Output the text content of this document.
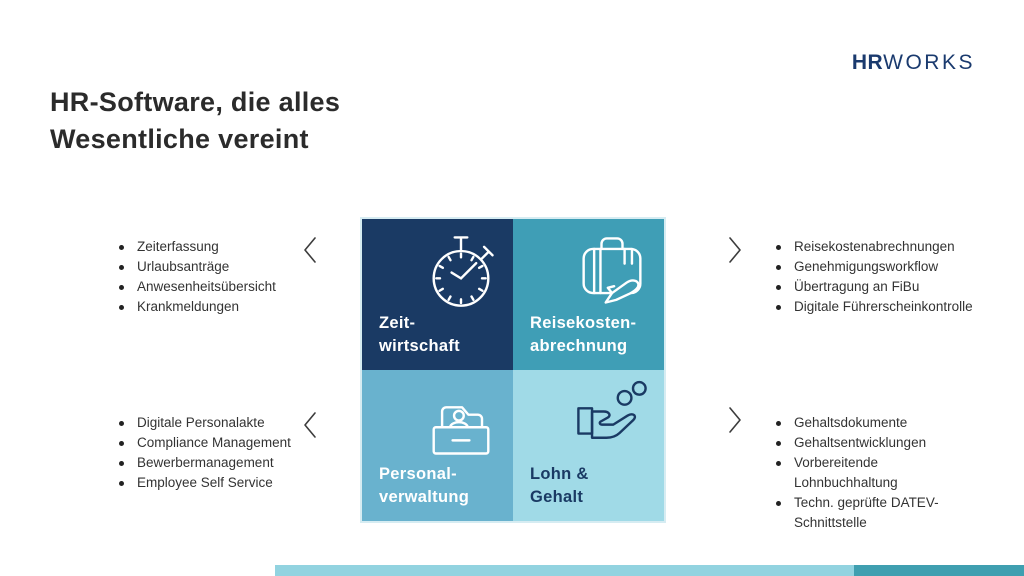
HRWORKS
HR-Software, die alles
Wesentliche vereint
Zeiterfassung
Urlaubsanträge
Anwesenheitsübersicht
Krankmeldungen
Digitale Personalakte
Compliance Management
Bewerbermanagement
Employee Self Service
Reisekostenabrechnungen
Genehmigungsworkflow
Übertragung an FiBu
Digitale Führerscheinkontrolle
Gehaltsdokumente
Gehaltsentwicklungen
Vorbereitende Lohnbuchhaltung
Techn. geprüfte DATEV-Schnittstelle
Zeit-
wirtschaft
Reisekosten-
abrechnung
Personal-
verwaltung
Lohn &
Gehalt
